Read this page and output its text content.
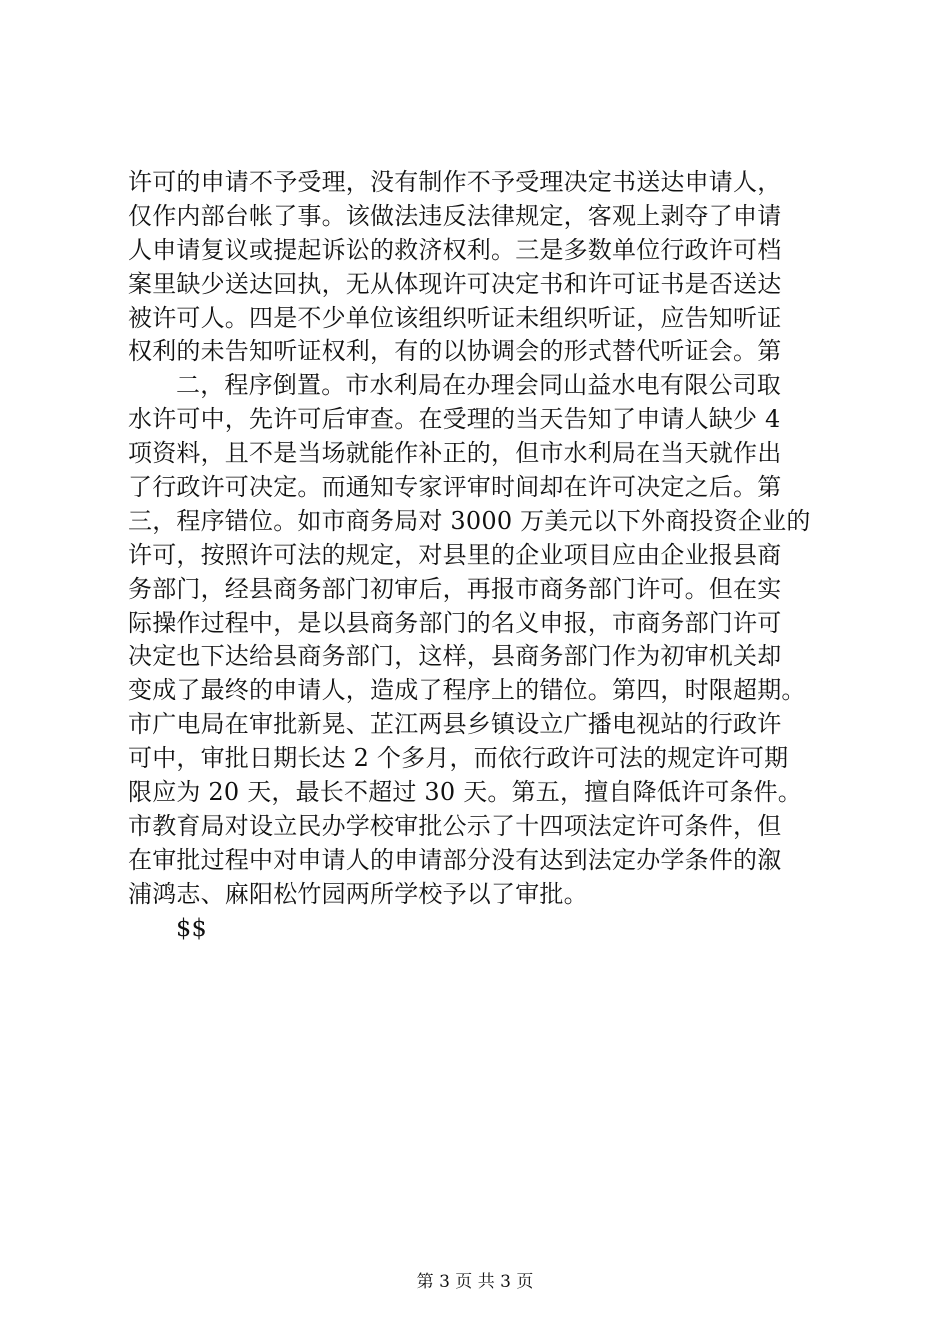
许可的申请不予受理，没有制作不予受理决定书送达申请人，
仅作内部台帐了事。该做法违反法律规定，客观上剥夺了申请
人申请复议或提起诉讼的救济权利。三是多数单位行政许可档
案里缺少送达回执，无从体现许可决定书和许可证书是否送达
被许可人。四是不少单位该组织听证未组织听证，应告知听证
权利的未告知听证权利，有的以协调会的形式替代听证会。第
二，程序倒置。市水利局在办理会同山益水电有限公司取
水许可中，先许可后审查。在受理的当天告知了申请人缺少 4
项资料，且不是当场就能作补正的，但市水利局在当天就作出
了行政许可决定。而通知专家评审时间却在许可决定之后。第
三，程序错位。如市商务局对 3000 万美元以下外商投资企业的
许可，按照许可法的规定，对县里的企业项目应由企业报县商
务部门，经县商务部门初审后，再报市商务部门许可。但在实
际操作过程中，是以县商务部门的名义申报，市商务部门许可
决定也下达给县商务部门，这样，县商务部门作为初审机关却
变成了最终的申请人，造成了程序上的错位。第四，时限超期。
市广电局在审批新晃、芷江两县乡镇设立广播电视站的行政许
可中，审批日期长达 2 个多月，而依行政许可法的规定许可期
限应为 20 天，最长不超过 30 天。第五，擅自降低许可条件。
市教育局对设立民办学校审批公示了十四项法定许可条件，但
在审批过程中对申请人的申请部分没有达到法定办学条件的溆
浦鸿志、麻阳松竹园两所学校予以了审批。
$$
第 3 页 共 3 页
